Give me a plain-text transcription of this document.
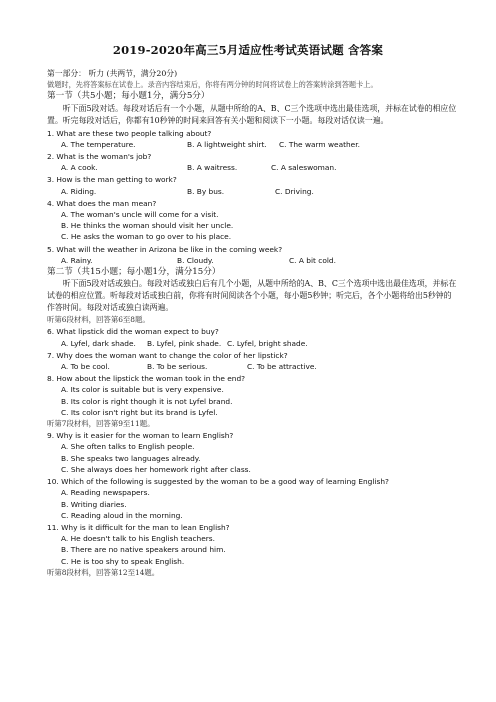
2019-2020年高三5月适应性考试英语试题 含答案
第一部分： 听力 (共两节，满分20分)
做题时，先将答案标在试卷上。录音内容结束后，你将有两分钟的时间将试卷上的答案转涂到答题卡上。
第一节（共5小题；每小题1分，满分5分）
听下面5段对话。每段对话后有一个小题，从题中所给的A、B、C三个选项中选出最佳选项，并标在试卷的相应位置。听完每段对话后，你都有10秒钟的时间来回答有关小题和阅读下一小题。每段对话仅读一遍。
1. What are these two people talking about?
A. The temperature.	B. A lightweight shirt.	C. The warm weather.
2. What is the woman's job?
A. A cook.	B. A waitress.	C. A saleswoman.
3. How is the man getting to work?
A. Riding.	B. By bus.	C. Driving.
4. What does the man mean?
A. The woman's uncle will come for a visit.
B. He thinks the woman should visit her uncle.
C. He asks the woman to go over to his place.
5. What will the weather in Arizona be like in the coming week?
A. Rainy.	B. Cloudy.	C. A bit cold.
第二节（共15小题；每小题1分，满分15分）
听下面5段对话或独白。每段对话或独白后有几个小题，从题中所给的A、B、C三个选项中选出最佳选项，并标在试卷的相应位置。听每段对话或独白前，你将有时间阅读各个小题，每小题5秒钟；听完后，各个小题将给出5秒钟的作答时间。每段对话或独白读两遍。
听第6段材料，回答第6至8题。
6. What lipstick did the woman expect to buy?
A. Lyfel, dark shade.	B. Lyfel, pink shade. C. Lyfel, bright shade.
7. Why does the woman want to change the color of her lipstick?
A. To be cool.	B. To be serious.	C. To be attractive.
8. How about the lipstick the woman took in the end?
A. Its color is suitable but is very expensive.
B. Its color is right though it is not Lyfel brand.
C. Its color isn't right but its brand is Lyfel.
听第7段材料，回答第9至11题。
9. Why is it easier for the woman to learn English?
A. She often talks to English people.
B. She speaks two languages already.
C. She always does her homework right after class.
10. Which of the following is suggested by the woman to be a good way of learning English?
A. Reading newspapers.
B. Writing diaries.
C. Reading aloud in the morning.
11. Why is it difficult for the man to lean English?
A. He doesn't talk to his English teachers.
B. There are no native speakers around him.
C. He is too shy to speak English.
听第8段材料，回答第12至14题。
